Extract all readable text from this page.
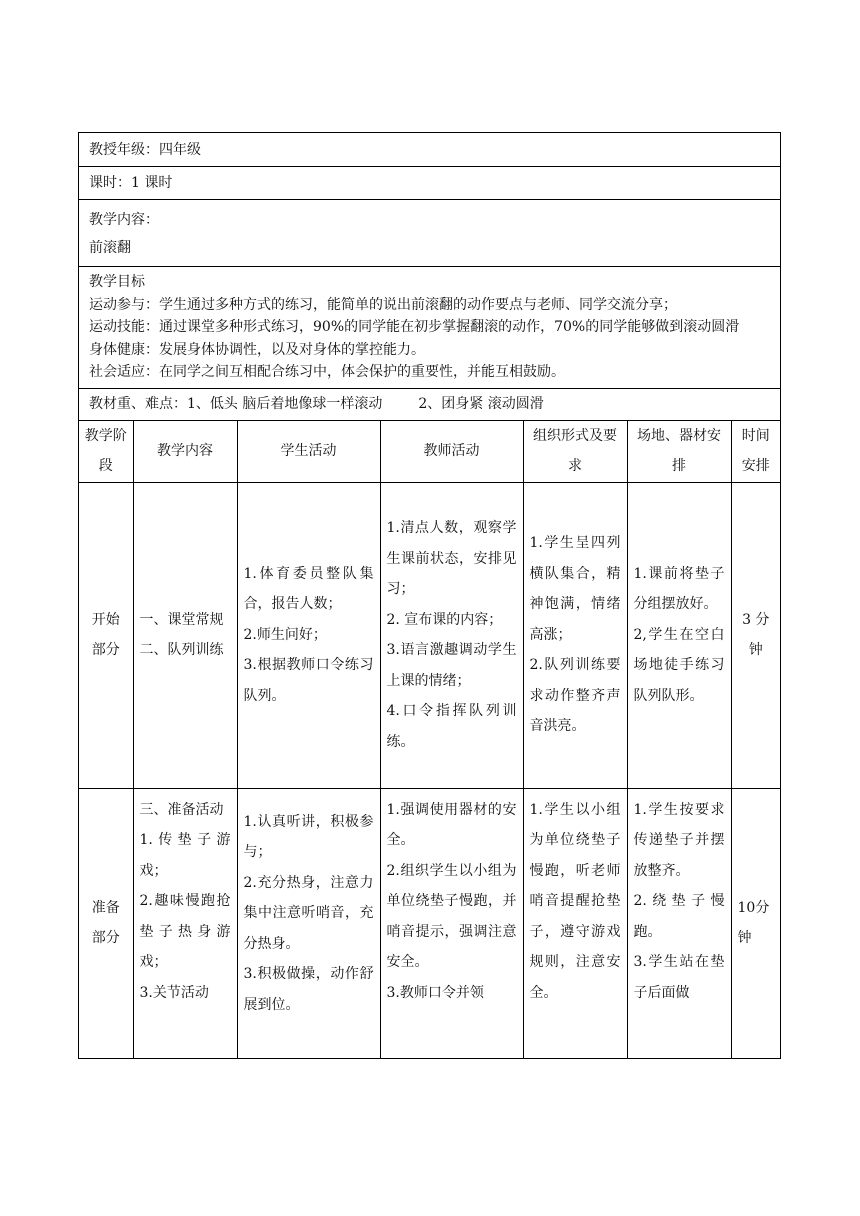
教授年级：四年级
课时：1 课时
教学内容：
前滚翻
教学目标
运动参与：学生通过多种方式的练习，能简单的说出前滚翻的动作要点与老师、同学交流分享；
运动技能：通过课堂多种形式练习，90%的同学能在初步掌握翻滚的动作，70%的同学能够做到滚动圆滑
身体健康：发展身体协调性，以及对身体的掌控能力。
社会适应：在同学之间互相配合练习中，体会保护的重要性，并能互相鼓励。
教材重、难点：1、低头 脑后着地像球一样滚动	2、团身紧 滚动圆滑
教学阶段	教学内容	学生活动	教师活动	组织形式及要求	场地、器材安排	时间安排
开始部分	一、课堂常规
二、队列训练	1.体育委员整队集合，报告人数；
2.师生问好；
3.根据教师口令练习队列。	1.清点人数，观察学生课前状态，安排见习；
2. 宣布课的内容；
3.语言激趣调动学生上课的情绪；
4.口令指挥队列训练。	1.学生呈四列横队集合，精神饱满，情绪高涨；
2.队列训练要求动作整齐声音洪亮。	1.课前将垫子分组摆放好。
2,学生在空白场地徒手练习队列队形。	3 分钟
准备部分	三、准备活动
1.传垫子游戏；
2.趣味慢跑抢垫子热身游戏；
3.关节活动	1.认真听讲，积极参与；
2.充分热身，注意力集中注意听哨音，充分热身。
3.积极做操，动作舒展到位。	1.强调使用器材的安全。
2.组织学生以小组为单位绕垫子慢跑，并哨音提示，强调注意安全。
3.教师口令并领	1.学生以小组为单位绕垫子慢跑，听老师哨音提醒抢垫子，遵守游戏规则，注意安全。	1.学生按要求传递垫子并摆放整齐。
2.绕垫子慢跑。
3.学生站在垫子后面做	10分钟
